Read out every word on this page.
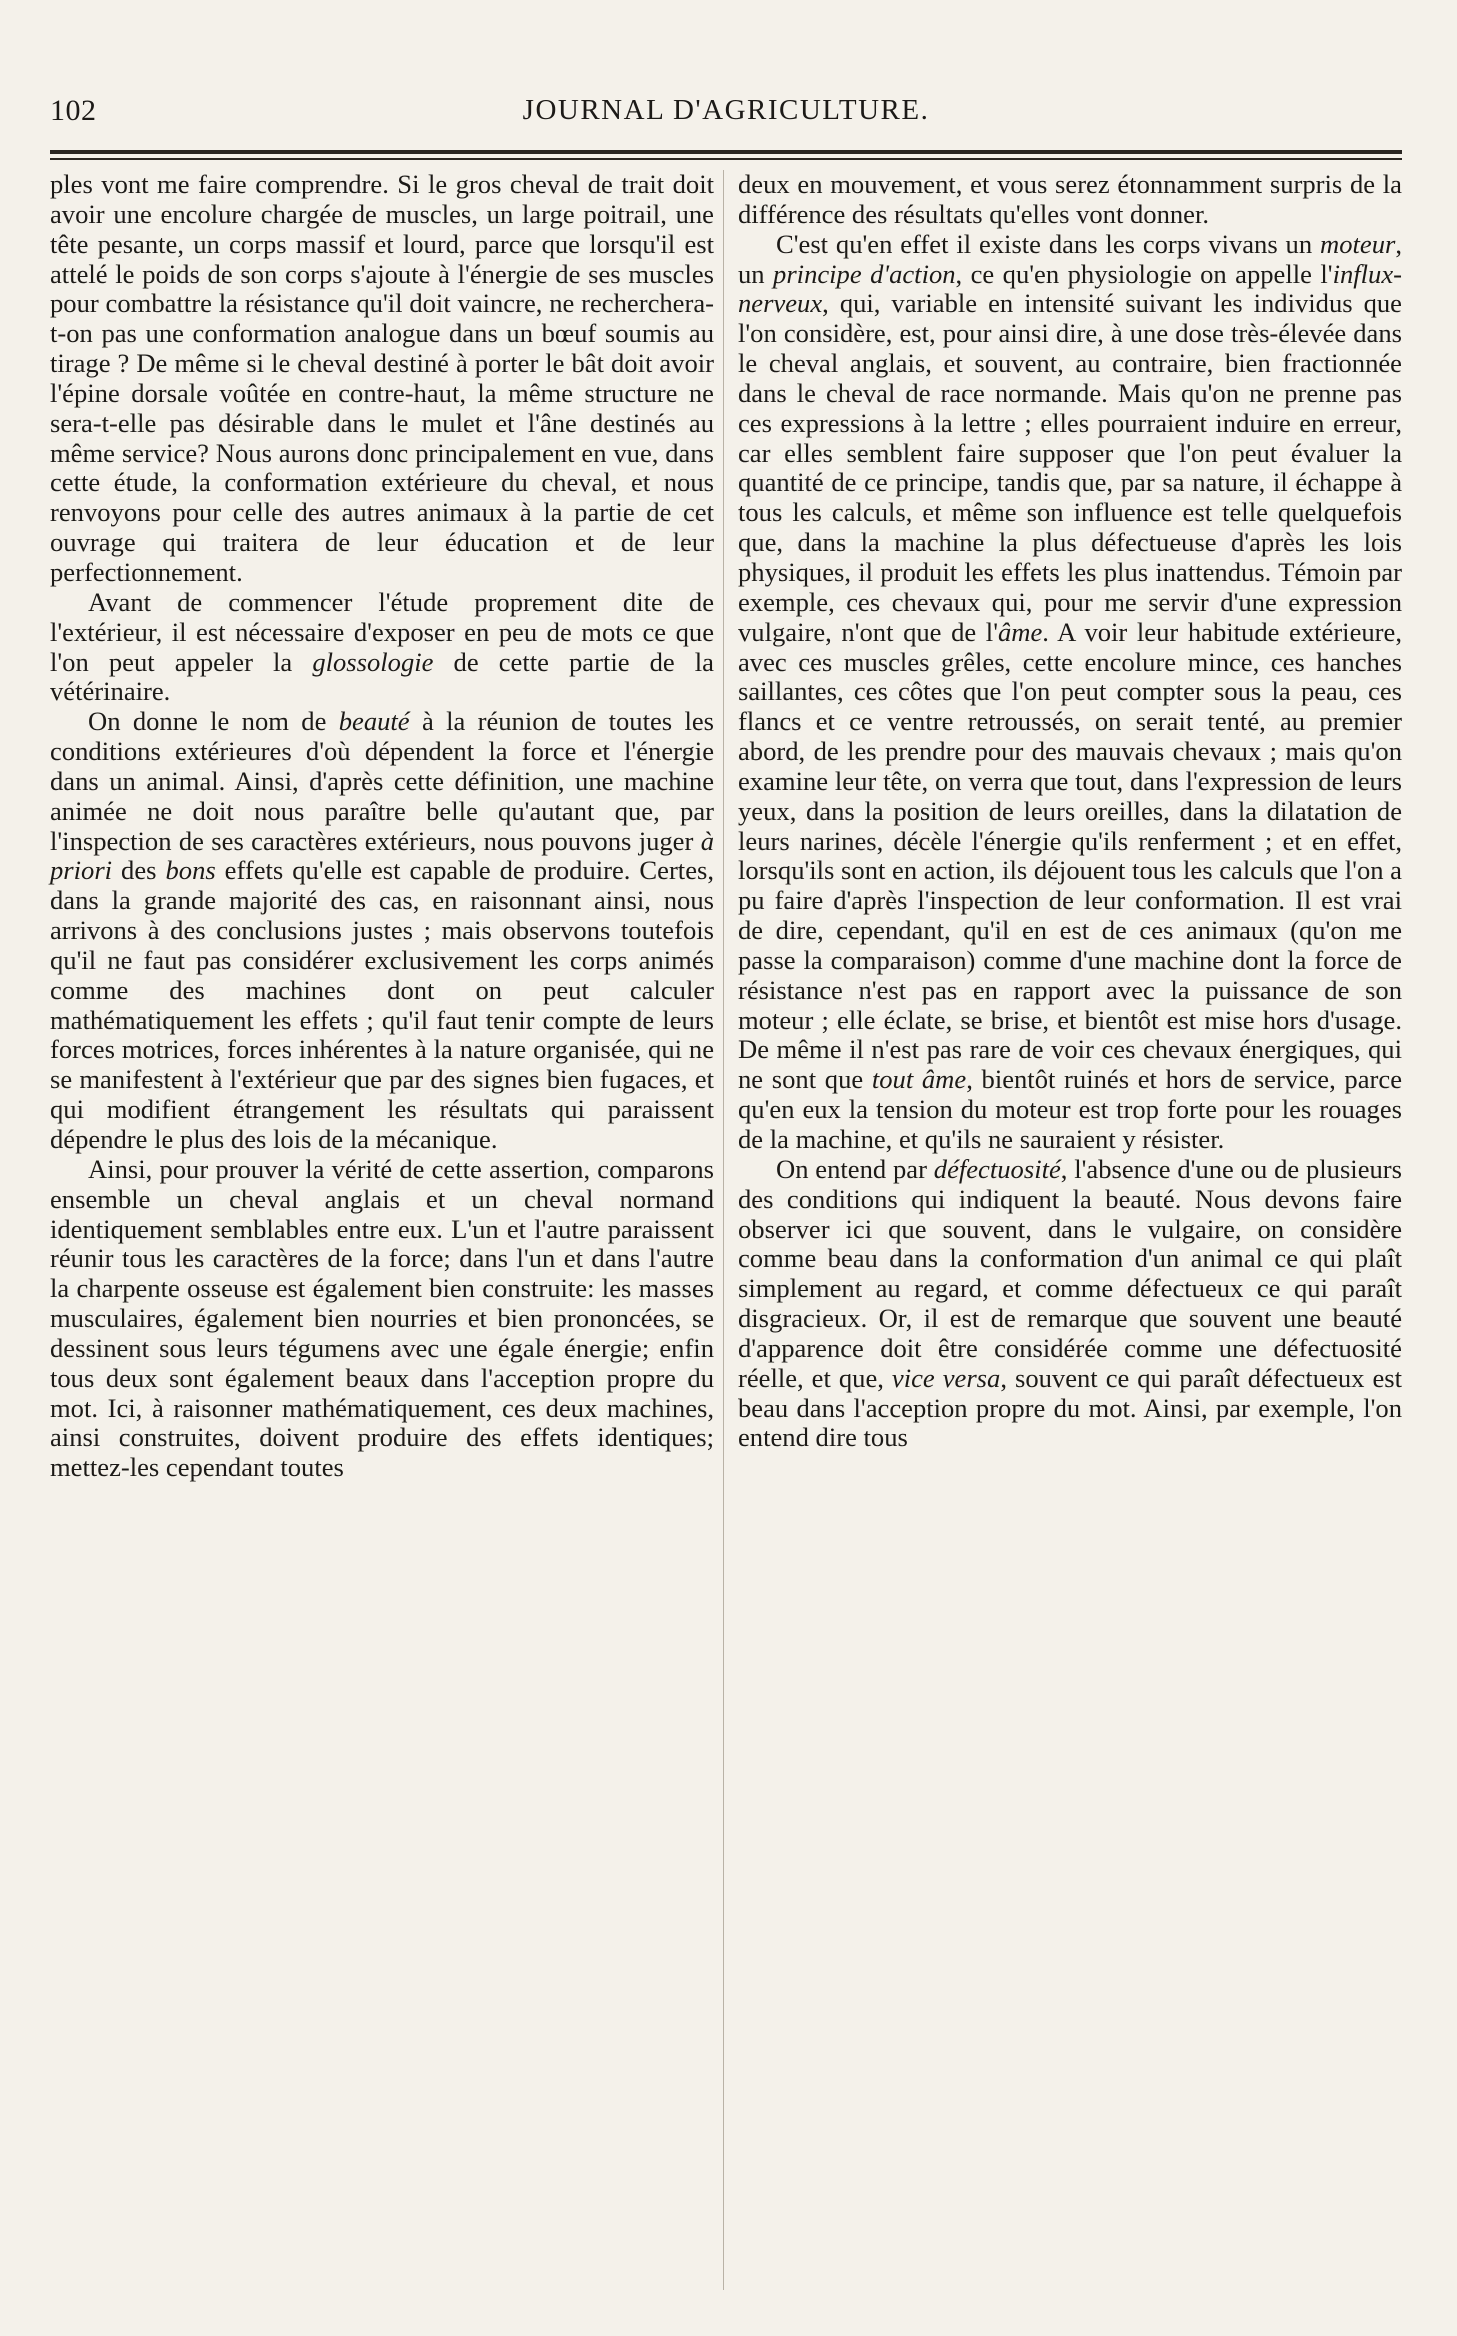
102	JOURNAL D'AGRICULTURE.

ples vont me faire comprendre. Si le gros cheval de trait doit avoir une encolure chargée de muscles, un large poitrail, une tête pesante, un corps massif et lourd, parce que lorsqu'il est attelé le poids de son corps s'ajoute à l'énergie de ses muscles pour combattre la résistance qu'il doit vaincre, ne recherchera-t-on pas une conformation analogue dans un bœuf soumis au tirage ? De même si le cheval destiné à porter le bât doit avoir l'épine dorsale voûtée en contre-haut, la même structure ne sera-t-elle pas désirable dans le mulet et l'âne destinés au même service? Nous aurons donc principalement en vue, dans cette étude, la conformation extérieure du cheval, et nous renvoyons pour celle des autres animaux à la partie de cet ouvrage qui traitera de leur éducation et de leur perfectionnement.

Avant de commencer l'étude proprement dite de l'extérieur, il est nécessaire d'exposer en peu de mots ce que l'on peut appeler la glossologie de cette partie de la vétérinaire.

On donne le nom de beauté à la réunion de toutes les conditions extérieures d'où dépendent la force et l'énergie dans un animal. Ainsi, d'après cette définition, une machine animée ne doit nous paraître belle qu'autant que, par l'inspection de ses caractères extérieurs, nous pouvons juger à priori des bons effets qu'elle est capable de produire. Certes, dans la grande majorité des cas, en raisonnant ainsi, nous arrivons à des conclusions justes ; mais observons toutefois qu'il ne faut pas considérer exclusivement les corps animés comme des machines dont on peut calculer mathématiquement les effets ; qu'il faut tenir compte de leurs forces motrices, forces inhérentes à la nature organisée, qui ne se manifestent à l'extérieur que par des signes bien fugaces, et qui modifient étrangement les résultats qui paraissent dépendre le plus des lois de la mécanique.

Ainsi, pour prouver la vérité de cette assertion, comparons ensemble un cheval anglais et un cheval normand identiquement semblables entre eux. L'un et l'autre paraissent réunir tous les caractères de la force; dans l'un et dans l'autre la charpente osseuse est également bien construite: les masses musculaires, également bien nourries et bien prononcées, se dessinent sous leurs tégumens avec une égale énergie; enfin tous deux sont également beaux dans l'acception propre du mot. Ici, à raisonner mathématiquement, ces deux machines, ainsi construites, doivent produire des effets identiques; mettez-les cependant toutes

deux en mouvement, et vous serez étonnamment surpris de la différence des résultats qu'elles vont donner.

C'est qu'en effet il existe dans les corps vivans un moteur, un principe d'action, ce qu'en physiologie on appelle l'influx-nerveux, qui, variable en intensité suivant les individus que l'on considère, est, pour ainsi dire, à une dose très-élevée dans le cheval anglais, et souvent, au contraire, bien fractionnée dans le cheval de race normande. Mais qu'on ne prenne pas ces expressions à la lettre ; elles pourraient induire en erreur, car elles semblent faire supposer que l'on peut évaluer la quantité de ce principe, tandis que, par sa nature, il échappe à tous les calculs, et même son influence est telle quelquefois que, dans la machine la plus défectueuse d'après les lois physiques, il produit les effets les plus inattendus. Témoin par exemple, ces chevaux qui, pour me servir d'une expression vulgaire, n'ont que de l'âme. A voir leur habitude extérieure, avec ces muscles grêles, cette encolure mince, ces hanches saillantes, ces côtes que l'on peut compter sous la peau, ces flancs et ce ventre retroussés, on serait tenté, au premier abord, de les prendre pour des mauvais chevaux ; mais qu'on examine leur tête, on verra que tout, dans l'expression de leurs yeux, dans la position de leurs oreilles, dans la dilatation de leurs narines, décèle l'énergie qu'ils renferment ; et en effet, lorsqu'ils sont en action, ils déjouent tous les calculs que l'on a pu faire d'après l'inspection de leur conformation. Il est vrai de dire, cependant, qu'il en est de ces animaux (qu'on me passe la comparaison) comme d'une machine dont la force de résistance n'est pas en rapport avec la puissance de son moteur ; elle éclate, se brise, et bientôt est mise hors d'usage. De même il n'est pas rare de voir ces chevaux énergiques, qui ne sont que tout âme, bientôt ruinés et hors de service, parce qu'en eux la tension du moteur est trop forte pour les rouages de la machine, et qu'ils ne sauraient y résister.

On entend par défectuosité, l'absence d'une ou de plusieurs des conditions qui indiquent la beauté. Nous devons faire observer ici que souvent, dans le vulgaire, on considère comme beau dans la conformation d'un animal ce qui plaît simplement au regard, et comme défectueux ce qui paraît disgracieux. Or, il est de remarque que souvent une beauté d'apparence doit être considérée comme une défectuosité réelle, et que, vice versa, souvent ce qui paraît défectueux est beau dans l'acception propre du mot. Ainsi, par exemple, l'on entend dire tous
